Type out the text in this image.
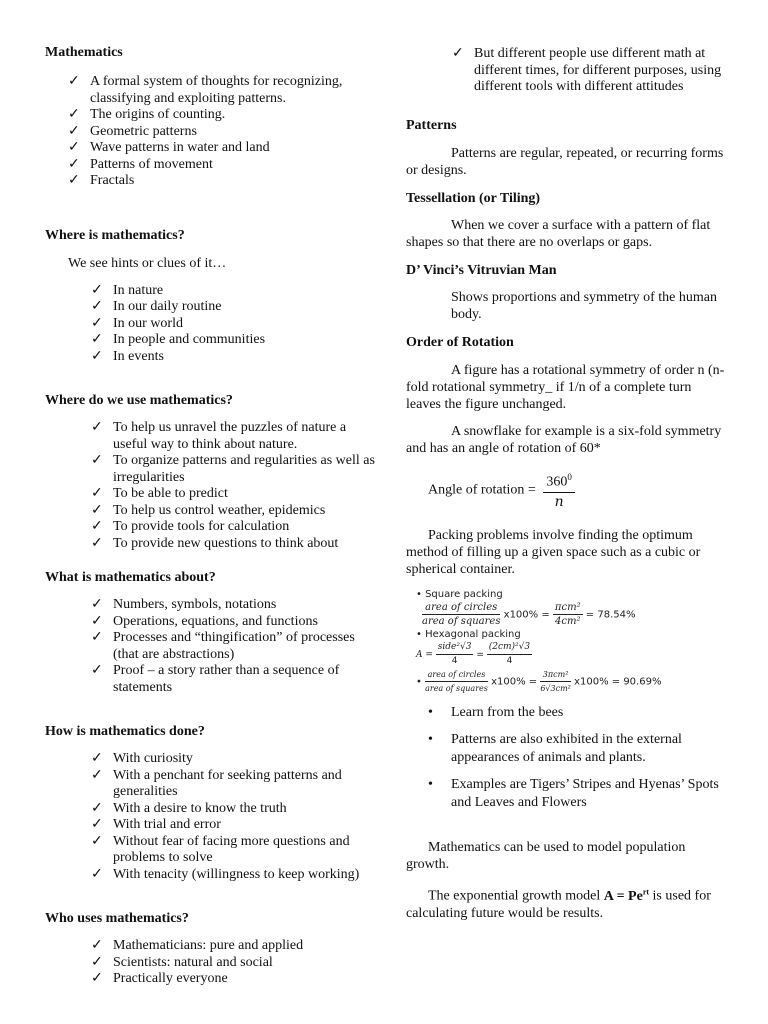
Mathematics

✓ A formal system of thoughts for recognizing, classifying and exploiting patterns.
✓ The origins of counting.
✓ Geometric patterns
✓ Wave patterns in water and land
✓ Patterns of movement
✓ Fractals

Where is mathematics?

We see hints or clues of it…

✓ In nature
✓ In our daily routine
✓ In our world
✓ In people and communities
✓ In events

Where do we use mathematics?

✓ To help us unravel the puzzles of nature a useful way to think about nature.
✓ To organize patterns and regularities as well as irregularities
✓ To be able to predict
✓ To help us control weather, epidemics
✓ To provide tools for calculation
✓ To provide new questions to think about

What is mathematics about?

✓ Numbers, symbols, notations
✓ Operations, equations, and functions
✓ Processes and “thingification” of processes (that are abstractions)
✓ Proof – a story rather than a sequence of statements

How is mathematics done?

✓ With curiosity
✓ With a penchant for seeking patterns and generalities
✓ With a desire to know the truth
✓ With trial and error
✓ Without fear of facing more questions and problems to solve
✓ With tenacity (willingness to keep working)

Who uses mathematics?

✓ Mathematicians: pure and applied
✓ Scientists: natural and social
✓ Practically everyone
✓ But different people use different math at different times, for different purposes, using different tools with different attitudes

Patterns

Patterns are regular, repeated, or recurring forms or designs.

Tessellation (or Tiling)

When we cover a surface with a pattern of flat shapes so that there are no overlaps or gaps.

D’ Vinci’s Vitruvian Man

Shows proportions and symmetry of the human body.

Order of Rotation

A figure has a rotational symmetry of order n (n-fold rotational symmetry_ if 1/n of a complete turn leaves the figure unchanged.

A snowflake for example is a six-fold symmetry and has an angle of rotation of 60*

Angle of rotation = $\frac{360^0}{n}$

Packing problems involve finding the optimum method of filling up a given space such as a cubic or spherical container.

• Square packing
area of circles
area of squares
x100% =
πcm²
4cm²
= 78.54%
• Hexagonal packing
A =
side²√3
4
= $\frac{\text{(2cm)²√3}}{4}$
•
area of circles
area of squares
x100% =
3πcm²
6√3cm²
x100% = 90.69%
• Learn from the bees
• Patterns are also exhibited in the external appearances of animals and plants.
• Examples are Tigers’ Stripes and Hyenas’ Spots and Leaves and Flowers

Mathematics can be used to model population growth.

The exponential growth model $A = Pe^{rt}$ is used for calculating future would be results.
